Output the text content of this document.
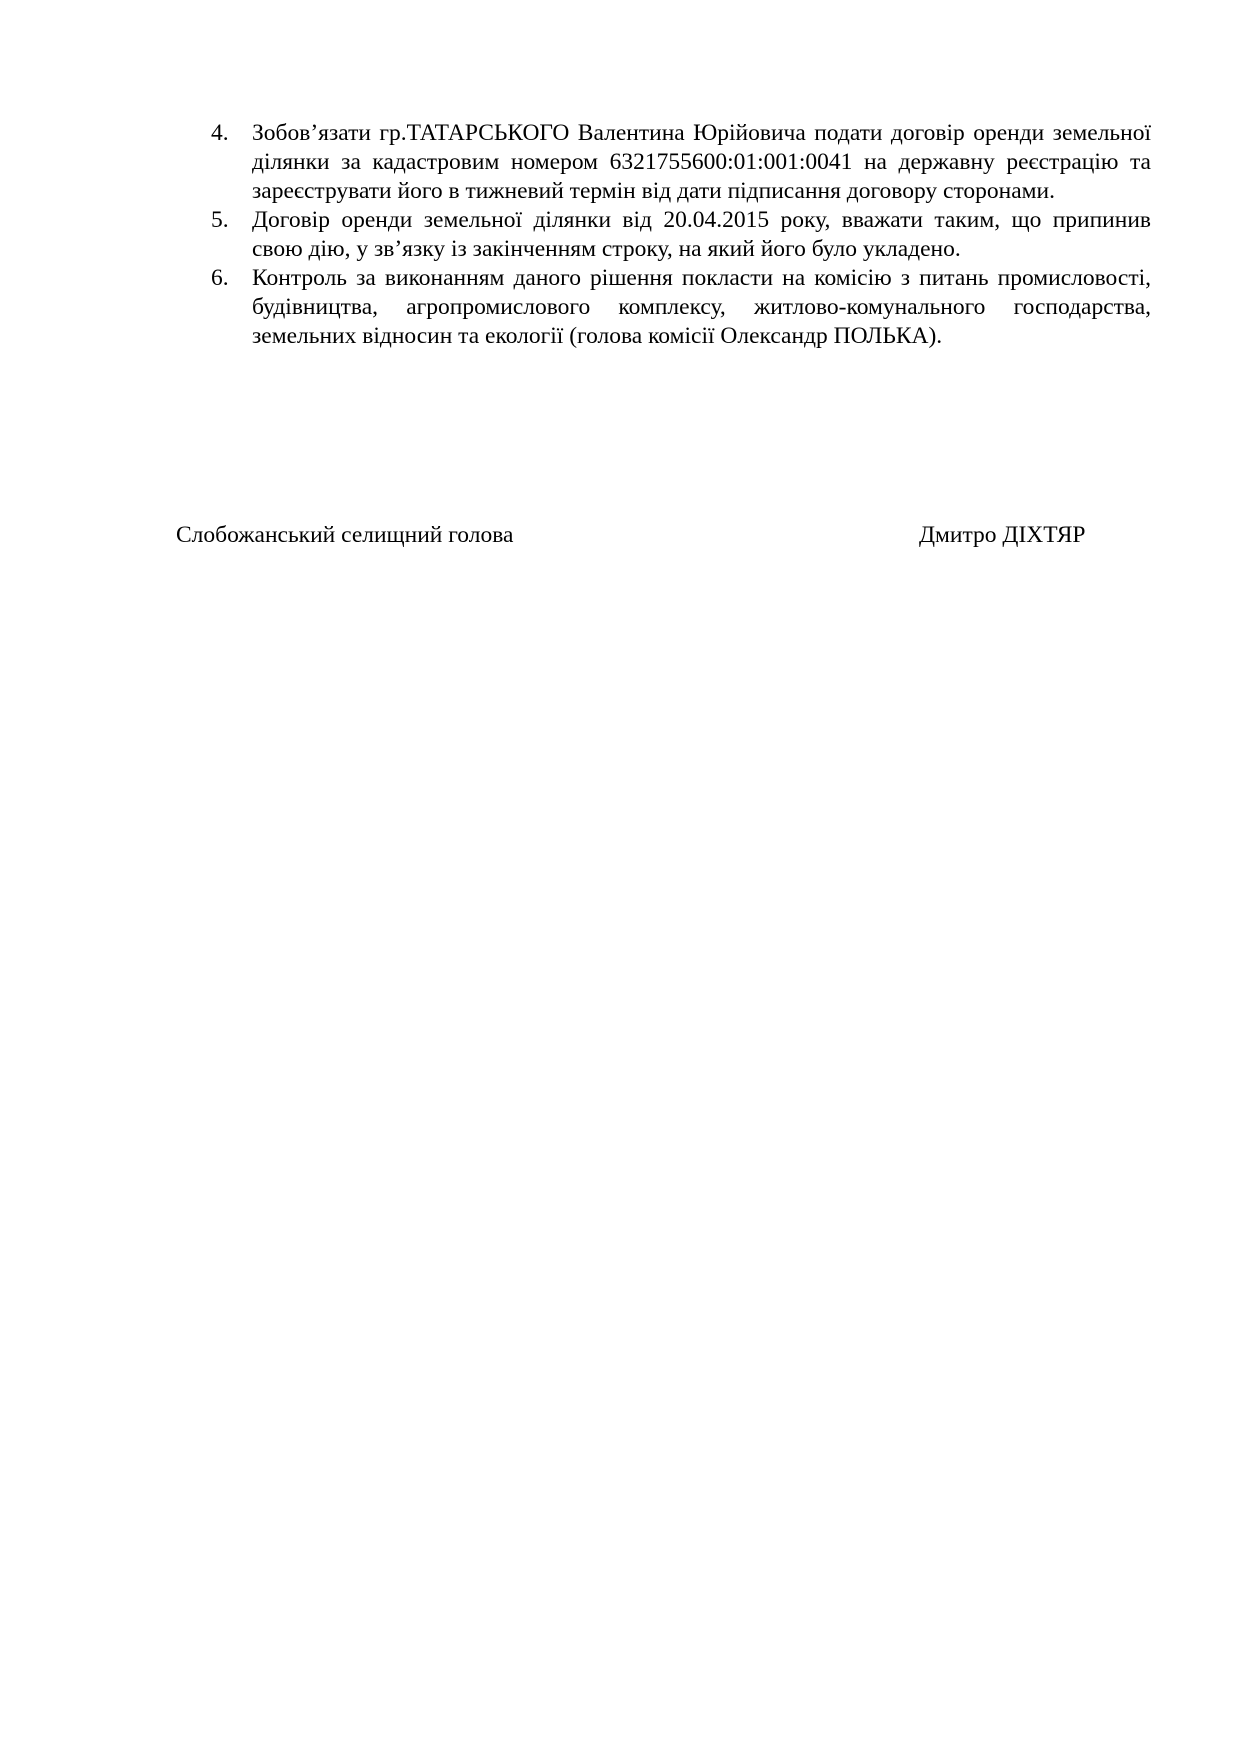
4. Зобов’язати гр.ТАТАРСЬКОГО Валентина Юрійовича подати договір оренди земельної ділянки за кадастровим номером 6321755600:01:001:0041 на державну реєстрацію та зареєструвати його в тижневий термін від дати підписання договору сторонами.
5. Договір оренди земельної ділянки від 20.04.2015 року, вважати таким, що припинив свою дію, у зв’язку із закінченням строку, на який його було укладено.
6. Контроль за виконанням даного рішення покласти на комісію з питань промисловості, будівництва, агропромислового комплексу, житлово-комунального господарства, земельних відносин та екології (голова комісії Олександр ПОЛЬКА).
Слобожанський селищний голова	Дмитро ДІХТЯР
